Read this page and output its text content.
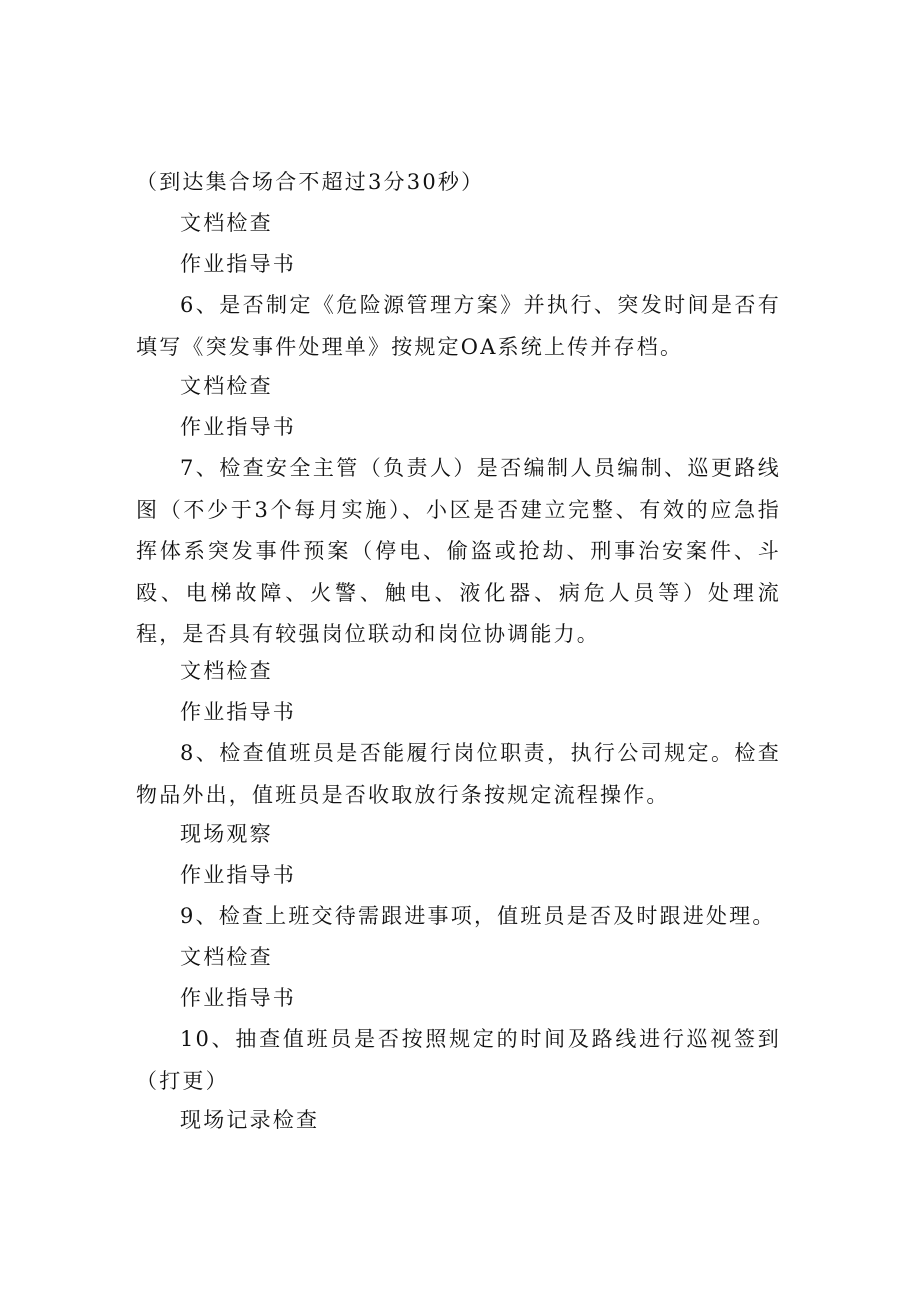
（到达集合场合不超过3分30秒）
文档检查
作业指导书
6、是否制定《危险源管理方案》并执行、突发时间是否有填写《突发事件处理单》按规定OA系统上传并存档。
文档检查
作业指导书
7、检查安全主管（负责人）是否编制人员编制、巡更路线图（不少于3个每月实施）、小区是否建立完整、有效的应急指挥体系突发事件预案（停电、偷盗或抢劫、刑事治安案件、斗殴、电梯故障、火警、触电、液化器、病危人员等）处理流程，是否具有较强岗位联动和岗位协调能力。
文档检查
作业指导书
8、检查值班员是否能履行岗位职责，执行公司规定。检查物品外出，值班员是否收取放行条按规定流程操作。
现场观察
作业指导书
9、检查上班交待需跟进事项，值班员是否及时跟进处理。
文档检查
作业指导书
10、抽查值班员是否按照规定的时间及路线进行巡视签到（打更）
现场记录检查
